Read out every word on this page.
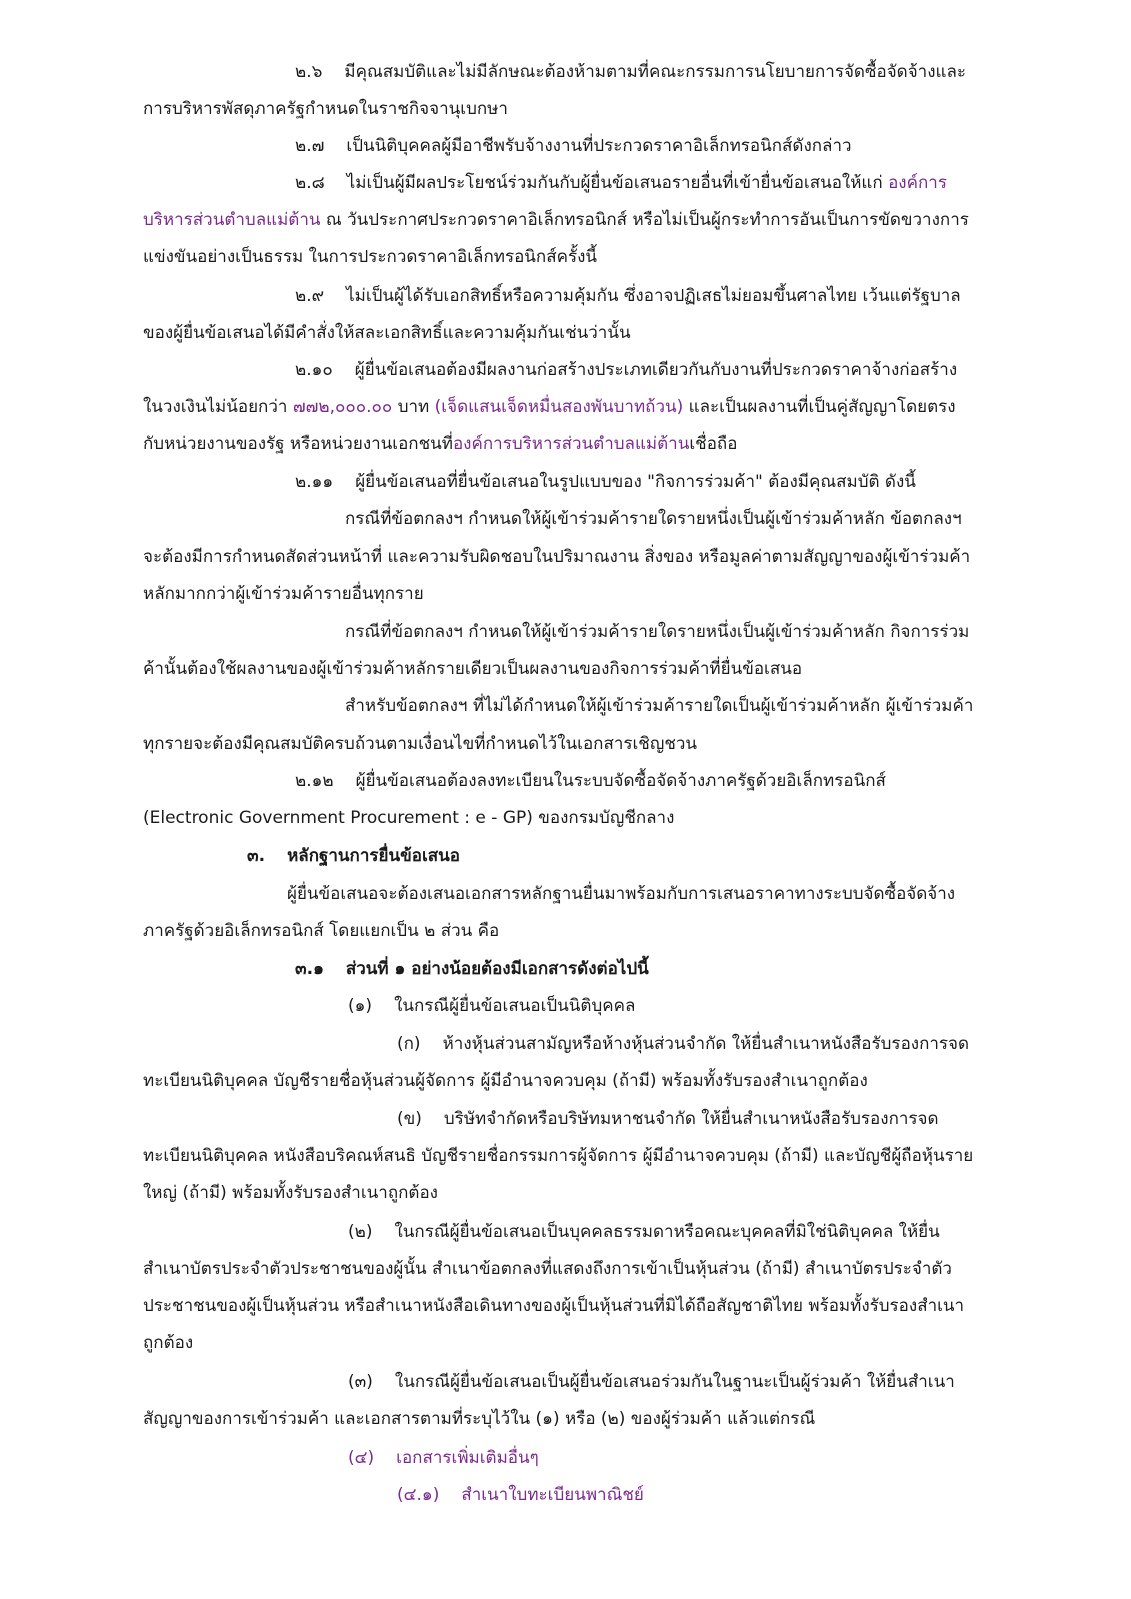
๒.๖ มีคุณสมบัติและไม่มีลักษณะต้องห้ามตามที่คณะกรรมการนโยบายการจัดซื้อจัดจ้างและ
การบริหารพัสดุภาครัฐกำหนดในราชกิจจานุเบกษา
๒.๗ เป็นนิติบุคคลผู้มีอาชีพรับจ้างงานที่ประกวดราคาอิเล็กทรอนิกส์ดังกล่าว
๒.๘ ไม่เป็นผู้มีผลประโยชน์ร่วมกันกับผู้ยื่นข้อเสนอรายอื่นที่เข้ายื่นข้อเสนอให้แก่ องค์การ
บริหารส่วนตำบลแม่ต้าน ณ วันประกาศประกวดราคาอิเล็กทรอนิกส์ หรือไม่เป็นผู้กระทำการอันเป็นการขัดขวางการ
แข่งขันอย่างเป็นธรรม ในการประกวดราคาอิเล็กทรอนิกส์ครั้งนี้
๒.๙ ไม่เป็นผู้ได้รับเอกสิทธิ์หรือความคุ้มกัน ซึ่งอาจปฏิเสธไม่ยอมขึ้นศาลไทย เว้นแต่รัฐบาล
ของผู้ยื่นข้อเสนอได้มีคำสั่งให้สละเอกสิทธิ์และความคุ้มกันเช่นว่านั้น
๒.๑๐ ผู้ยื่นข้อเสนอต้องมีผลงานก่อสร้างประเภทเดียวกันกับงานที่ประกวดราคาจ้างก่อสร้าง
ในวงเงินไม่น้อยกว่า ๗๗๒,๐๐๐.๐๐ บาท (เจ็ดแสนเจ็ดหมื่นสองพันบาทถ้วน) และเป็นผลงานที่เป็นคู่สัญญาโดยตรง
กับหน่วยงานของรัฐ หรือหน่วยงานเอกชนที่องค์การบริหารส่วนตำบลแม่ต้านเชื่อถือ
๒.๑๑ ผู้ยื่นข้อเสนอที่ยื่นข้อเสนอในรูปแบบของ "กิจการร่วมค้า" ต้องมีคุณสมบัติ ดังนี้
กรณีที่ข้อตกลงฯ กำหนดให้ผู้เข้าร่วมค้ารายใดรายหนึ่งเป็นผู้เข้าร่วมค้าหลัก ข้อตกลงฯ
จะต้องมีการกำหนดสัดส่วนหน้าที่ และความรับผิดชอบในปริมาณงาน สิ่งของ หรือมูลค่าตามสัญญาของผู้เข้าร่วมค้า
หลักมากกว่าผู้เข้าร่วมค้ารายอื่นทุกราย
กรณีที่ข้อตกลงฯ กำหนดให้ผู้เข้าร่วมค้ารายใดรายหนึ่งเป็นผู้เข้าร่วมค้าหลัก กิจการร่วม
ค้านั้นต้องใช้ผลงานของผู้เข้าร่วมค้าหลักรายเดียวเป็นผลงานของกิจการร่วมค้าที่ยื่นข้อเสนอ
สำหรับข้อตกลงฯ ที่ไม่ได้กำหนดให้ผู้เข้าร่วมค้ารายใดเป็นผู้เข้าร่วมค้าหลัก ผู้เข้าร่วมค้า
ทุกรายจะต้องมีคุณสมบัติครบถ้วนตามเงื่อนไขที่กำหนดไว้ในเอกสารเชิญชวน
๒.๑๒ ผู้ยื่นข้อเสนอต้องลงทะเบียนในระบบจัดซื้อจัดจ้างภาครัฐด้วยอิเล็กทรอนิกส์
(Electronic Government Procurement : e - GP) ของกรมบัญชีกลาง
๓. หลักฐานการยื่นข้อเสนอ
ผู้ยื่นข้อเสนอจะต้องเสนอเอกสารหลักฐานยื่นมาพร้อมกับการเสนอราคาทางระบบจัดซื้อจัดจ้าง
ภาครัฐด้วยอิเล็กทรอนิกส์ โดยแยกเป็น ๒ ส่วน คือ
๓.๑ ส่วนที่ ๑ อย่างน้อยต้องมีเอกสารดังต่อไปนี้
(๑) ในกรณีผู้ยื่นข้อเสนอเป็นนิติบุคคล
(ก) ห้างหุ้นส่วนสามัญหรือห้างหุ้นส่วนจำกัด ให้ยื่นสำเนาหนังสือรับรองการจด
ทะเบียนนิติบุคคล บัญชีรายชื่อหุ้นส่วนผู้จัดการ ผู้มีอำนาจควบคุม (ถ้ามี) พร้อมทั้งรับรองสำเนาถูกต้อง
(ข) บริษัทจำกัดหรือบริษัทมหาชนจำกัด ให้ยื่นสำเนาหนังสือรับรองการจด
ทะเบียนนิติบุคคล หนังสือบริคณห์สนธิ บัญชีรายชื่อกรรมการผู้จัดการ ผู้มีอำนาจควบคุม (ถ้ามี) และบัญชีผู้ถือหุ้นราย
ใหญ่ (ถ้ามี) พร้อมทั้งรับรองสำเนาถูกต้อง
(๒) ในกรณีผู้ยื่นข้อเสนอเป็นบุคคลธรรมดาหรือคณะบุคคลที่มิใช่นิติบุคคล ให้ยื่น
สำเนาบัตรประจำตัวประชาชนของผู้นั้น สำเนาข้อตกลงที่แสดงถึงการเข้าเป็นหุ้นส่วน (ถ้ามี) สำเนาบัตรประจำตัว
ประชาชนของผู้เป็นหุ้นส่วน หรือสำเนาหนังสือเดินทางของผู้เป็นหุ้นส่วนที่มิได้ถือสัญชาติไทย พร้อมทั้งรับรองสำเนา
ถูกต้อง
(๓) ในกรณีผู้ยื่นข้อเสนอเป็นผู้ยื่นข้อเสนอร่วมกันในฐานะเป็นผู้ร่วมค้า ให้ยื่นสำเนา
สัญญาของการเข้าร่วมค้า และเอกสารตามที่ระบุไว้ใน (๑) หรือ (๒) ของผู้ร่วมค้า แล้วแต่กรณี
(๔) เอกสารเพิ่มเติมอื่นๆ
(๔.๑) สำเนาใบทะเบียนพาณิชย์
